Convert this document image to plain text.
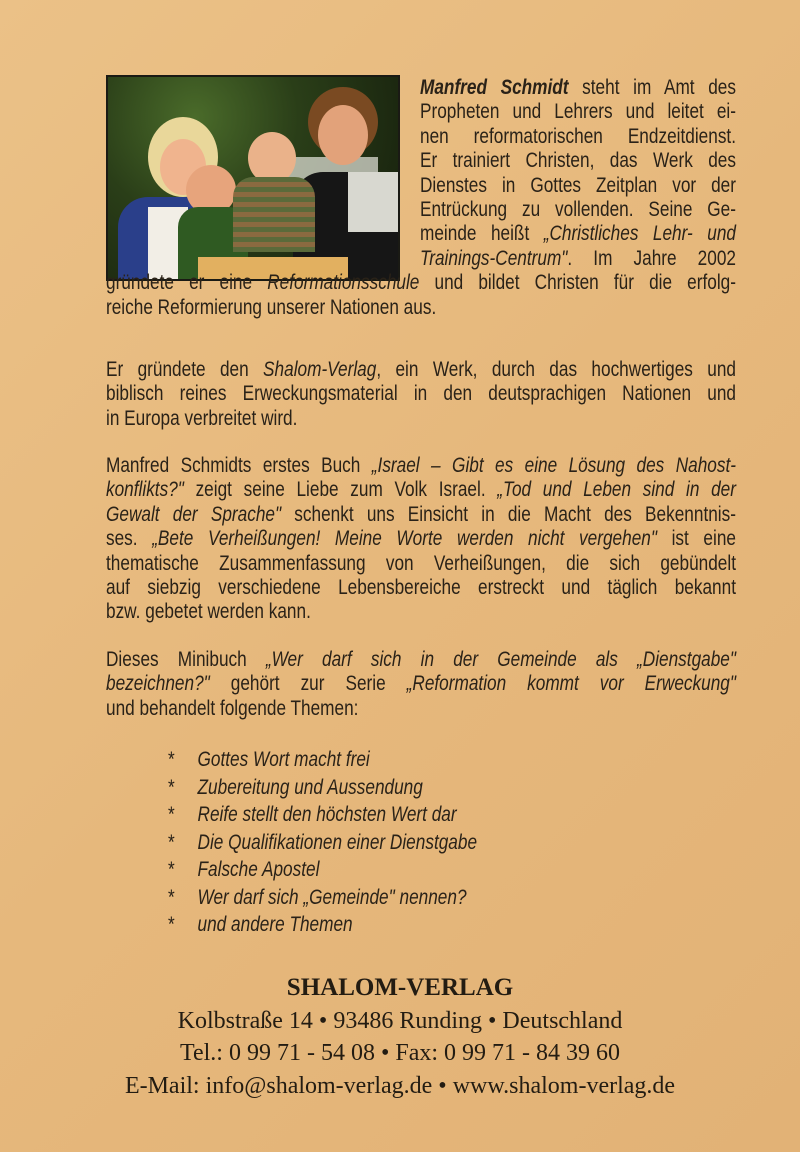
Manfred Schmidt steht im Amt des
Propheten und Lehrers und leitet ei-
nen reformatorischen Endzeitdienst.
Er trainiert Christen, das Werk des
Dienstes in Gottes Zeitplan vor der
Entrückung zu vollenden. Seine Ge-
meinde heißt „Christliches Lehr- und
Trainings-Centrum". Im Jahre 2002
gründete er eine Reformationsschule und bildet Christen für die erfolg-
reiche Reformierung unserer Nationen aus.
Er gründete den Shalom-Verlag, ein Werk, durch das hochwertiges und
biblisch reines Erweckungsmaterial in den deutsprachigen Nationen und
in Europa verbreitet wird.
Manfred Schmidts erstes Buch „Israel – Gibt es eine Lösung des Nahost-
konflikts?" zeigt seine Liebe zum Volk Israel. „Tod und Leben sind in der
Gewalt der Sprache" schenkt uns Einsicht in die Macht des Bekenntnis-
ses. „Bete Verheißungen! Meine Worte werden nicht vergehen" ist eine
thematische Zusammenfassung von Verheißungen, die sich gebündelt
auf siebzig verschiedene Lebensbereiche erstreckt und täglich bekannt
bzw. gebetet werden kann.
Dieses Minibuch „Wer darf sich in der Gemeinde als „Dienstgabe"
bezeichnen?" gehört zur Serie „Reformation kommt vor Erweckung"
und behandelt folgende Themen:
* Gottes Wort macht frei
* Zubereitung und Aussendung
* Reife stellt den höchsten Wert dar
* Die Qualifikationen einer Dienstgabe
* Falsche Apostel
* Wer darf sich „Gemeinde" nennen?
* und andere Themen
SHALOM-VERLAG
Kolbstraße 14 • 93486 Runding • Deutschland
Tel.: 0 99 71 - 54 08 • Fax: 0 99 71 - 84 39 60
E-Mail: info@shalom-verlag.de • www.shalom-verlag.de
